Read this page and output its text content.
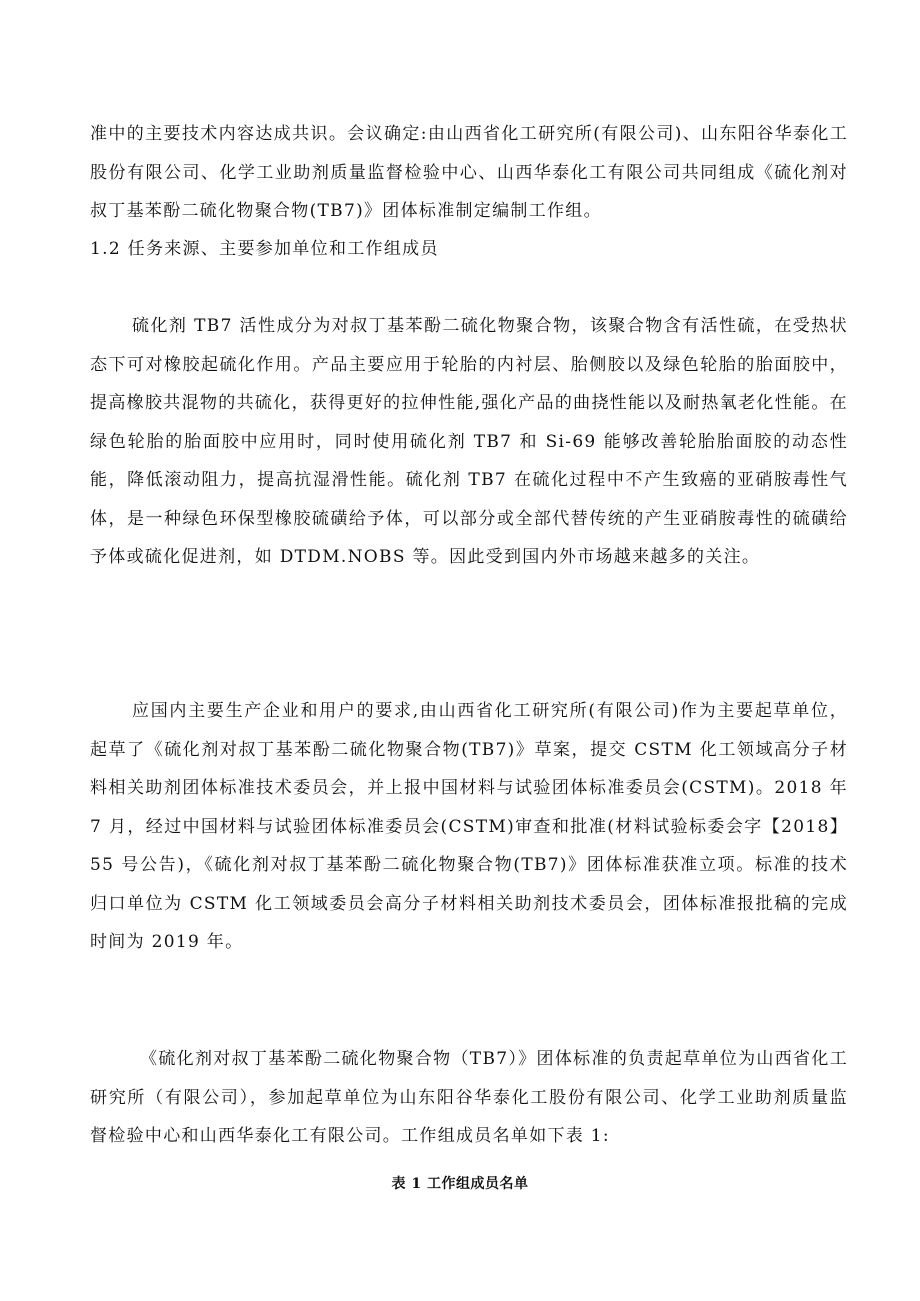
准中的主要技术内容达成共识。会议确定:由山西省化工研究所(有限公司)、山东阳谷华泰化工股份有限公司、化学工业助剂质量监督检验中心、山西华泰化工有限公司共同组成《硫化剂对叔丁基苯酚二硫化物聚合物(TB7)》团体标准制定编制工作组。

1.2 任务来源、主要参加单位和工作组成员

硫化剂 TB7 活性成分为对叔丁基苯酚二硫化物聚合物，该聚合物含有活性硫，在受热状态下可对橡胶起硫化作用。产品主要应用于轮胎的内衬层、胎侧胶以及绿色轮胎的胎面胶中，提高橡胶共混物的共硫化，获得更好的拉伸性能,强化产品的曲挠性能以及耐热氧老化性能。在绿色轮胎的胎面胶中应用时，同时使用硫化剂 TB7 和 Si-69 能够改善轮胎胎面胶的动态性能，降低滚动阻力，提高抗湿滑性能。硫化剂 TB7 在硫化过程中不产生致癌的亚硝胺毒性气体，是一种绿色环保型橡胶硫磺给予体，可以部分或全部代替传统的产生亚硝胺毒性的硫磺给予体或硫化促进剂，如 DTDM.NOBS 等。因此受到国内外市场越来越多的关注。

应国内主要生产企业和用户的要求,由山西省化工研究所(有限公司)作为主要起草单位，起草了《硫化剂对叔丁基苯酚二硫化物聚合物(TB7)》草案，提交 CSTM 化工领域高分子材料相关助剂团体标准技术委员会，并上报中国材料与试验团体标准委员会(CSTM)。2018 年 7 月，经过中国材料与试验团体标准委员会(CSTM)审查和批准(材料试验标委会字【2018】55 号公告)，《硫化剂对叔丁基苯酚二硫化物聚合物(TB7)》团体标准获准立项。标准的技术归口单位为 CSTM 化工领域委员会高分子材料相关助剂技术委员会，团体标准报批稿的完成时间为 2019 年。

《硫化剂对叔丁基苯酚二硫化物聚合物（TB7）》团体标准的负责起草单位为山西省化工研究所（有限公司），参加起草单位为山东阳谷华泰化工股份有限公司、化学工业助剂质量监督检验中心和山西华泰化工有限公司。工作组成员名单如下表 1:

表 1 工作组成员名单
